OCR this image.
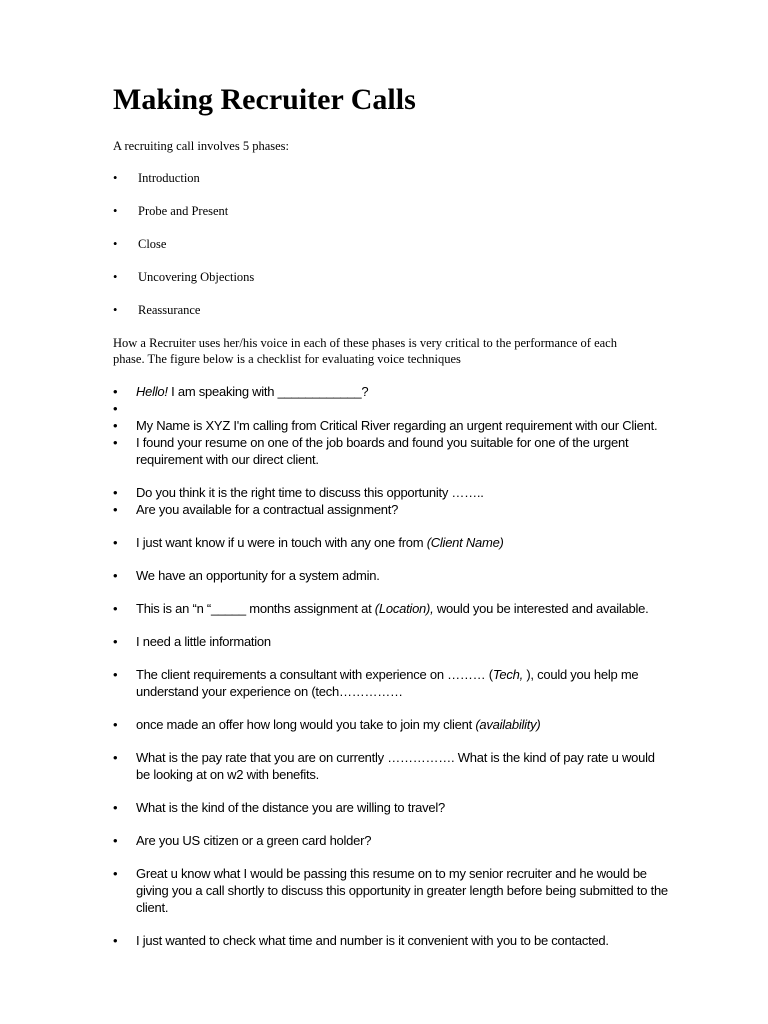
Making Recruiter Calls

A recruiting call involves 5 phases:

• Introduction
• Probe and Present
• Close
• Uncovering Objections
• Reassurance

How a Recruiter uses her/his voice in each of these phases is very critical to the performance of each phase. The figure below is a checklist for evaluating voice techniques

• Hello! I am speaking with ____________?
•
• My Name is XYZ I'm calling from Critical River regarding an urgent requirement with our Client.
• I found your resume on one of the job boards and found you suitable for one of the urgent requirement with our direct client.
• Do you think it is the right time to discuss this opportunity ……..
• Are you available for a contractual assignment?
• I just want know if u were in touch with any one from (Client Name)
• We have an opportunity for a system admin.
• This is an “n “_____ months assignment at (Location), would you be interested and available.
• I need a little information
• The client requirements a consultant with experience on ……… (Tech, ), could you help me understand your experience on (tech……………
• once made an offer how long would you take to join my client (availability)
• What is the pay rate that you are on currently ……………. What is the kind of pay rate u would be looking at on w2 with benefits.
• What is the kind of the distance you are willing to travel?
• Are you US citizen or a green card holder?
• Great u know what I would be passing this resume on to my senior recruiter and he would be giving you a call shortly to discuss this opportunity in greater length before being submitted to the client.
• I just wanted to check what time and number is it convenient with you to be contacted.
